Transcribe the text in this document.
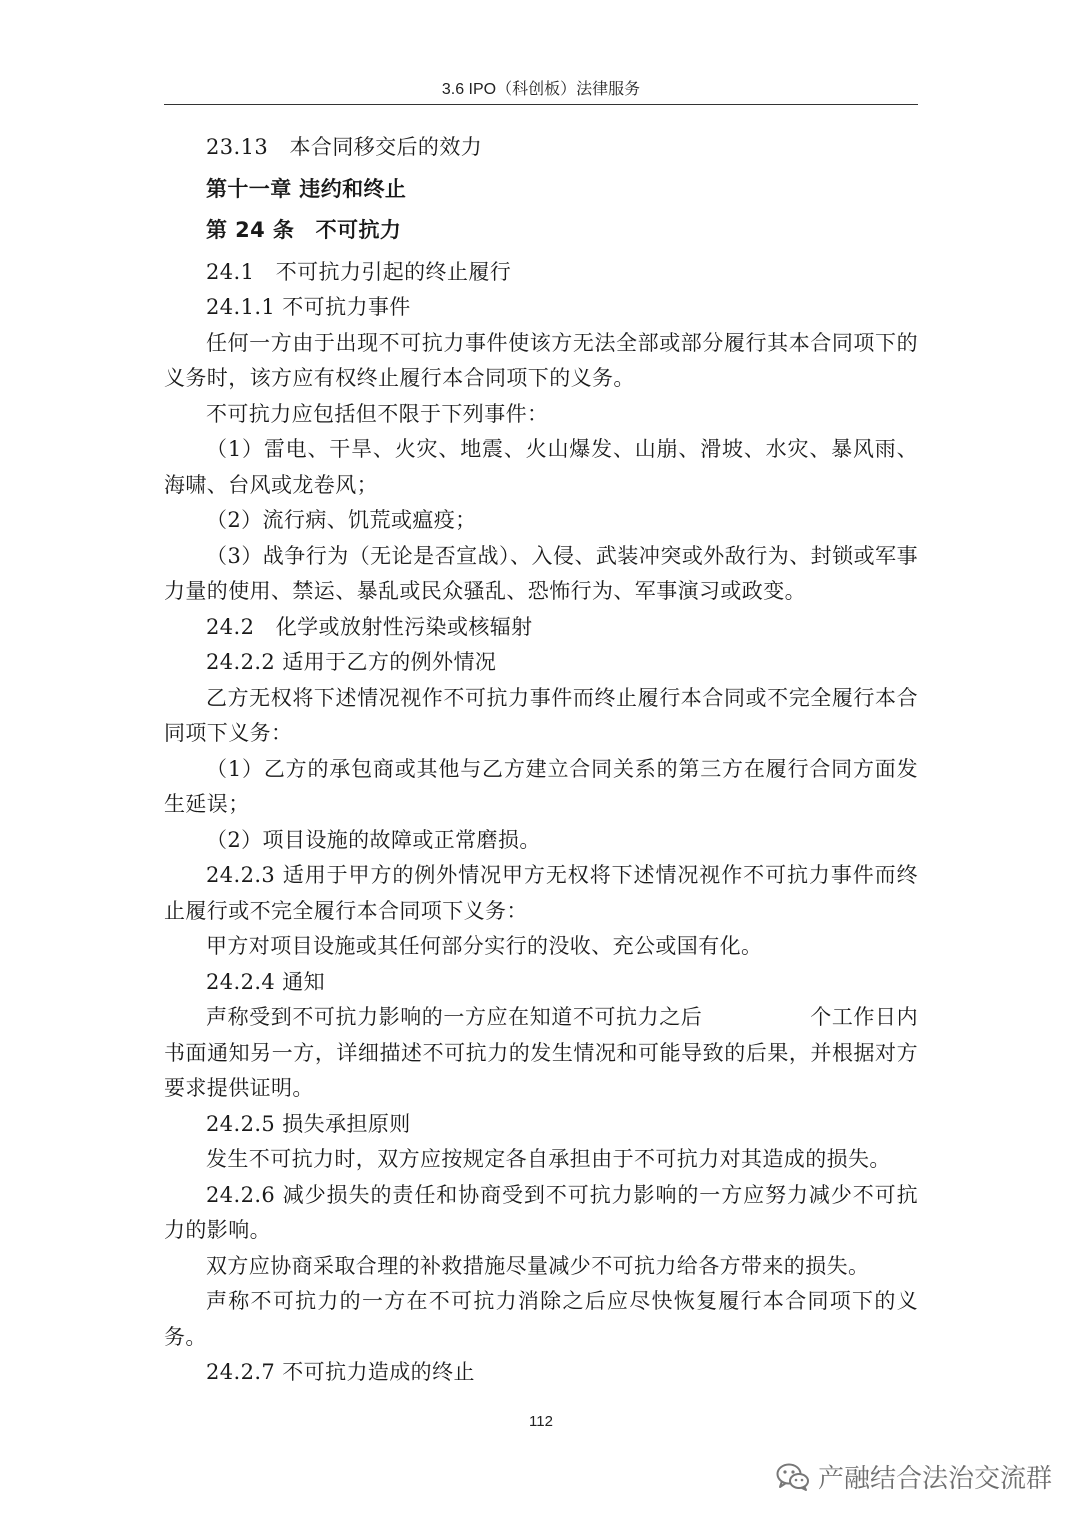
3.6 IPO（科创板）法律服务

23.13　本合同移交后的效力

第十一章 违约和终止

第 24 条　不可抗力

24.1　不可抗力引起的终止履行

24.1.1 不可抗力事件

任何一方由于出现不可抗力事件使该方无法全部或部分履行其本合同项下的义务时，该方应有权终止履行本合同项下的义务。

不可抗力应包括但不限于下列事件：

（1）雷电、干旱、火灾、地震、火山爆发、山崩、滑坡、水灾、暴风雨、海啸、台风或龙卷风；

（2）流行病、饥荒或瘟疫；

（3）战争行为（无论是否宣战）、入侵、武装冲突或外敌行为、封锁或军事力量的使用、禁运、暴乱或民众骚乱、恐怖行为、军事演习或政变。

24.2　化学或放射性污染或核辐射

24.2.2 适用于乙方的例外情况

乙方无权将下述情况视作不可抗力事件而终止履行本合同或不完全履行本合同项下义务：

（1）乙方的承包商或其他与乙方建立合同关系的第三方在履行合同方面发生延误；

（2）项目设施的故障或正常磨损。

24.2.3 适用于甲方的例外情况甲方无权将下述情况视作不可抗力事件而终止履行或不完全履行本合同项下义务：

甲方对项目设施或其任何部分实行的没收、充公或国有化。

24.2.4 通知

声称受到不可抗力影响的一方应在知道不可抗力之后　　　　　个工作日内书面通知另一方，详细描述不可抗力的发生情况和可能导致的后果，并根据对方要求提供证明。

24.2.5 损失承担原则

发生不可抗力时，双方应按规定各自承担由于不可抗力对其造成的损失。

24.2.6 减少损失的责任和协商受到不可抗力影响的一方应努力减少不可抗力的影响。

双方应协商采取合理的补救措施尽量减少不可抗力给各方带来的损失。

声称不可抗力的一方在不可抗力消除之后应尽快恢复履行本合同项下的义务。

24.2.7 不可抗力造成的终止

112
产融结合法治交流群
